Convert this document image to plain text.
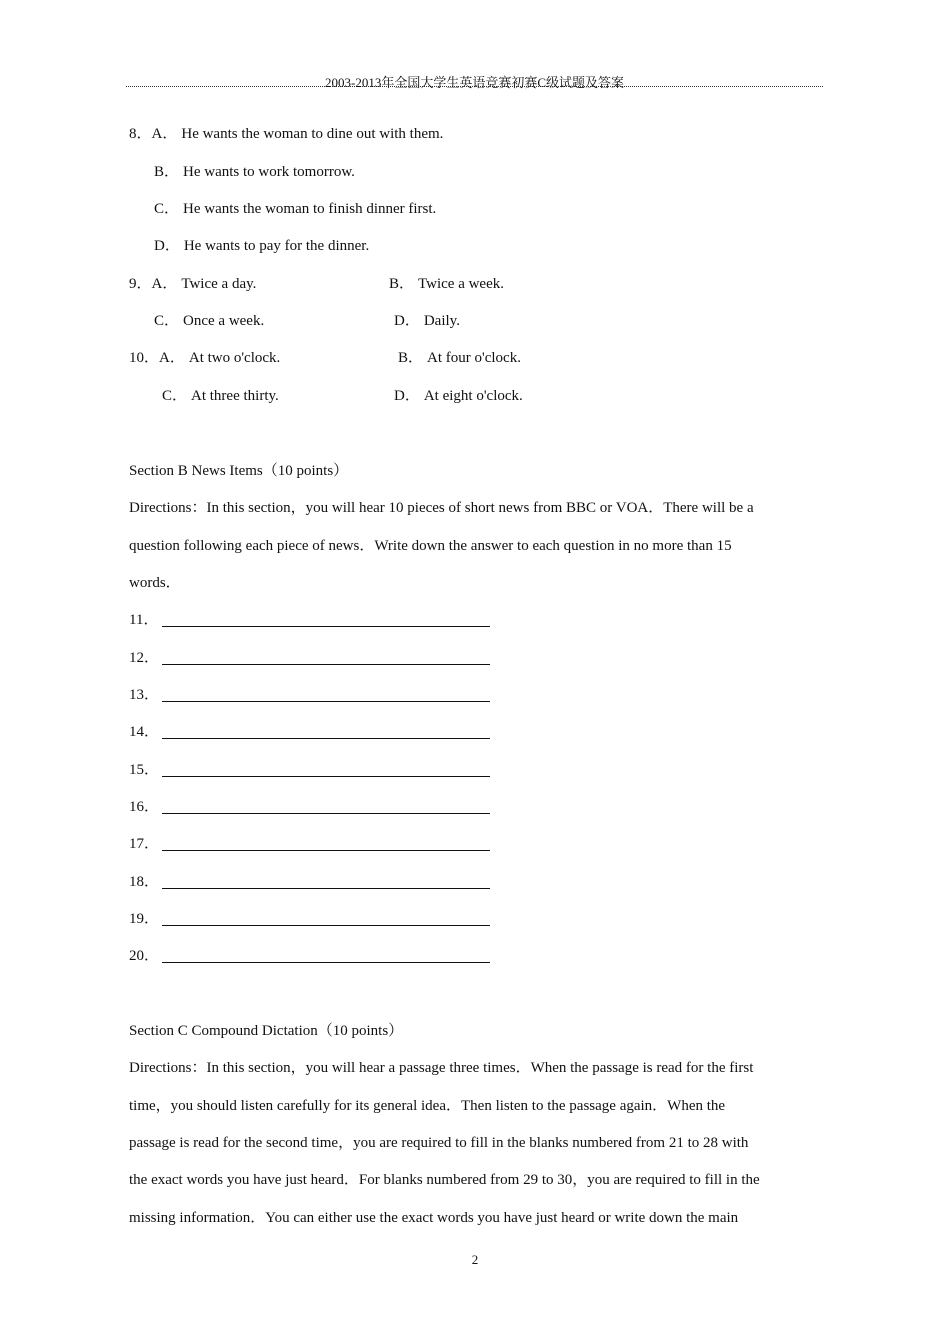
2003-2013年全国大学生英语竞赛初赛C级试题及答案
8．A． He wants the woman to dine out with them.
B． He wants to work tomorrow.
C． He wants the woman to finish dinner first.
D． He wants to pay for the dinner.
9．A． Twice a day.	B． Twice a week.
C． Once a week.	D． Daily.
10．A． At two o'clock.	B． At four o'clock.
C． At three thirty.	D． At eight o'clock.
Section B News Items（10 points）
Directions：In this section，you will hear 10 pieces of short news from BBC or VOA．There will be a
question following each piece of news．Write down the answer to each question in no more than 15
words．
11．
12．
13．
14．
15．
16．
17．
18．
19．
20．
Section C Compound Dictation（10 points）
Directions：In this section，you will hear a passage three times．When the passage is read for the first
time，you should listen carefully for its general idea．Then listen to the passage again．When the
passage is read for the second time，you are required to fill in the blanks numbered from 21 to 28 with
the exact words you have just heard．For blanks numbered from 29 to 30，you are required to fill in the
missing information．You can either use the exact words you have just heard or write down the main
2
